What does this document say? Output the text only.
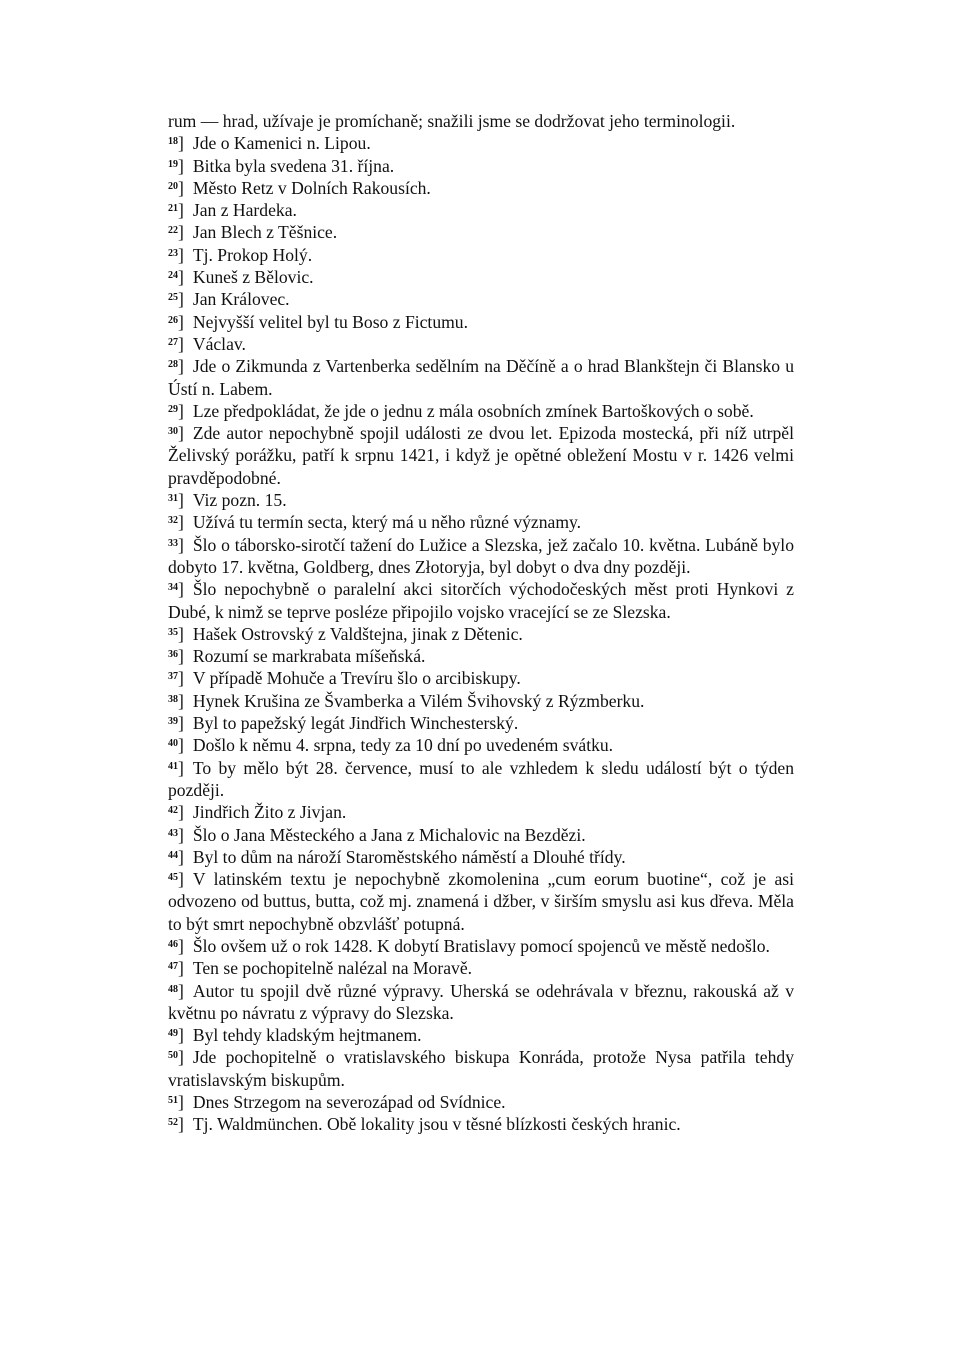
rum — hrad, užívaje je promíchaně; snažili jsme se dodržovat jeho terminologii.

$^{18}$] Jde o Kamenici n. Lipou.

$^{19}$] Bitka byla svedena 31. října.

$^{20}$] Město Retz v Dolních Rakousích.

$^{21}$] Jan z Hardeka.

$^{22}$] Jan Blech z Těšnice.

$^{23}$] Tj. Prokop Holý.

$^{24}$] Kuneš z Bělovic.

$^{25}$] Jan Královec.

$^{26}$] Nejvyšší velitel byl tu Boso z Fictumu.

$^{27}$] Václav.

$^{28}$] Jde o Zikmunda z Vartenberka sedělním na Děčíně a o hrad Blankštejn či Blansko u Ústí n. Labem.

$^{29}$] Lze předpokládat, že jde o jednu z mála osobních zmínek Bartoškových o sobě.

$^{30}$] Zde autor nepochybně spojil události ze dvou let. Epizoda mostecká, při níž utrpěl Želivský porážku, patří k srpnu 1421, i když je opětné obležení Mostu v r. 1426 velmi pravděpodobné.

$^{31}$] Viz pozn. 15.

$^{32}$] Užívá tu termín secta, který má u něho různé významy.

$^{33}$] Šlo o táborsko-sirotčí tažení do Lužice a Slezska, jež začalo 10. května. Lubáně bylo dobyto 17. května, Goldberg, dnes Złotoryja, byl dobyt o dva dny později.

$^{34}$] Šlo nepochybně o paralelní akci sitorčích východočeských měst proti Hynkovi z Dubé, k nimž se teprve posléze připojilo vojsko vracející se ze Slezska.

$^{35}$] Hašek Ostrovský z Valdštejna, jinak z Dětenic.

$^{36}$] Rozumí se markrabata míšeňská.

$^{37}$] V případě Mohuče a Trevíru šlo o arcibiskupy.

$^{38}$] Hynek Krušina ze Švamberka a Vilém Švihovský z Rýzmberku.

$^{39}$] Byl to papežský legát Jindřich Winchesterský.

$^{40}$] Došlo k němu 4. srpna, tedy za 10 dní po uvedeném svátku.

$^{41}$] To by mělo být 28. července, musí to ale vzhledem k sledu událostí být o týden později.

$^{42}$] Jindřich Žito z Jivjan.

$^{43}$] Šlo o Jana Městeckého a Jana z Michalovic na Bezdězi.

$^{44}$] Byl to dům na nároží Staroměstského náměstí a Dlouhé třídy.

$^{45}$] V latinském textu je nepochybně zkomolenina „cum eorum buotine“, což je asi odvozeno od buttus, butta, což mj. znamená i džber, v širším smyslu asi kus dřeva. Měla to být smrt nepochybně obzvlášť potupná.

$^{46}$] Šlo ovšem už o rok 1428. K dobytí Bratislavy pomocí spojenců ve městě nedošlo.

$^{47}$] Ten se pochopitelně nalézal na Moravě.

$^{48}$] Autor tu spojil dvě různé výpravy. Uherská se odehrávala v březnu, rakouská až v květnu po návratu z výpravy do Slezska.

$^{49}$] Byl tehdy kladským hejtmanem.

$^{50}$] Jde pochopitelně o vratislavského biskupa Konráda, protože Nysa patřila tehdy vratislavským biskupům.

$^{51}$] Dnes Strzegom na severozápad od Svídnice.

$^{52}$] Tj. Waldmünchen. Obě lokality jsou v těsné blízkosti českých hranic.
